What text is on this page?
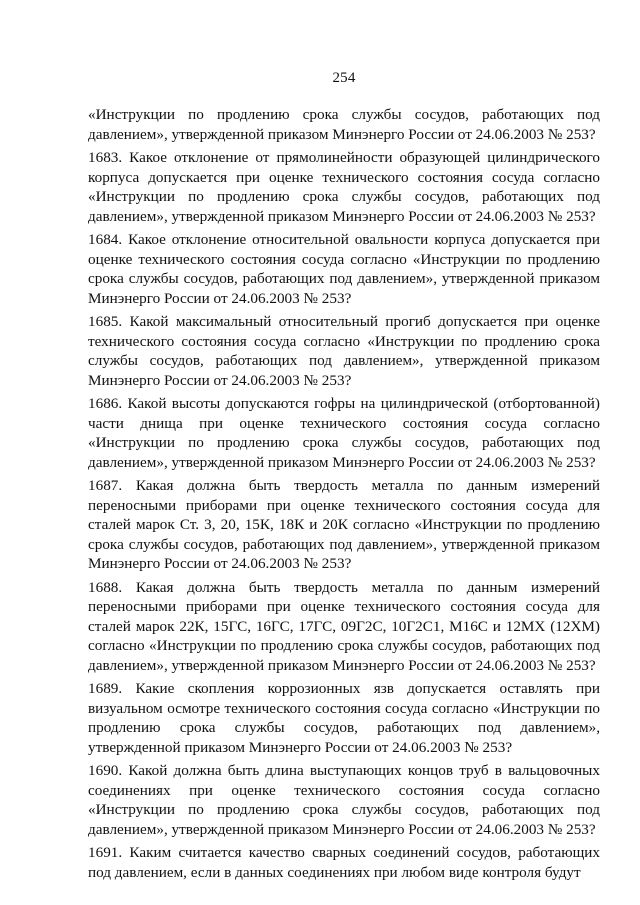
254

«Инструкции по продлению срока службы сосудов, работающих под давлением», утвержденной приказом Минэнерго России от 24.06.2003 № 253?

1683. Какое отклонение от прямолинейности образующей цилиндрического корпуса допускается при оценке технического состояния сосуда согласно «Инструкции по продлению срока службы сосудов, работающих под давлением», утвержденной приказом Минэнерго России от 24.06.2003 № 253?

1684. Какое отклонение относительной овальности корпуса допускается при оценке технического состояния сосуда согласно «Инструкции по продлению срока службы сосудов, работающих под давлением», утвержденной приказом Минэнерго России от 24.06.2003 № 253?

1685. Какой максимальный относительный прогиб допускается при оценке технического состояния сосуда согласно «Инструкции по продлению срока службы сосудов, работающих под давлением», утвержденной приказом Минэнерго России от 24.06.2003 № 253?

1686. Какой высоты допускаются гофры на цилиндрической (отбортованной) части днища при оценке технического состояния сосуда согласно «Инструкции по продлению срока службы сосудов, работающих под давлением», утвержденной приказом Минэнерго России от 24.06.2003 № 253?

1687. Какая должна быть твердость металла по данным измерений переносными приборами при оценке технического состояния сосуда для сталей марок Ст. 3, 20, 15К, 18К и 20К согласно «Инструкции по продлению срока службы сосудов, работающих под давлением», утвержденной приказом Минэнерго России от 24.06.2003 № 253?

1688. Какая должна быть твердость металла по данным измерений переносными приборами при оценке технического состояния сосуда для сталей марок 22К, 15ГС, 16ГС, 17ГС, 09Г2С, 10Г2С1, М16С и 12МХ (12ХМ) согласно «Инструкции по продлению срока службы сосудов, работающих под давлением», утвержденной приказом Минэнерго России от 24.06.2003 № 253?

1689. Какие скопления коррозионных язв допускается оставлять при визуальном осмотре технического состояния сосуда согласно «Инструкции по продлению срока службы сосудов, работающих под давлением», утвержденной приказом Минэнерго России от 24.06.2003 № 253?

1690. Какой должна быть длина выступающих концов труб в вальцовочных соединениях при оценке технического состояния сосуда согласно «Инструкции по продлению срока службы сосудов, работающих под давлением», утвержденной приказом Минэнерго России от 24.06.2003 № 253?

1691. Каким считается качество сварных соединений сосудов, работающих под давлением, если в данных соединениях при любом виде контроля будут
